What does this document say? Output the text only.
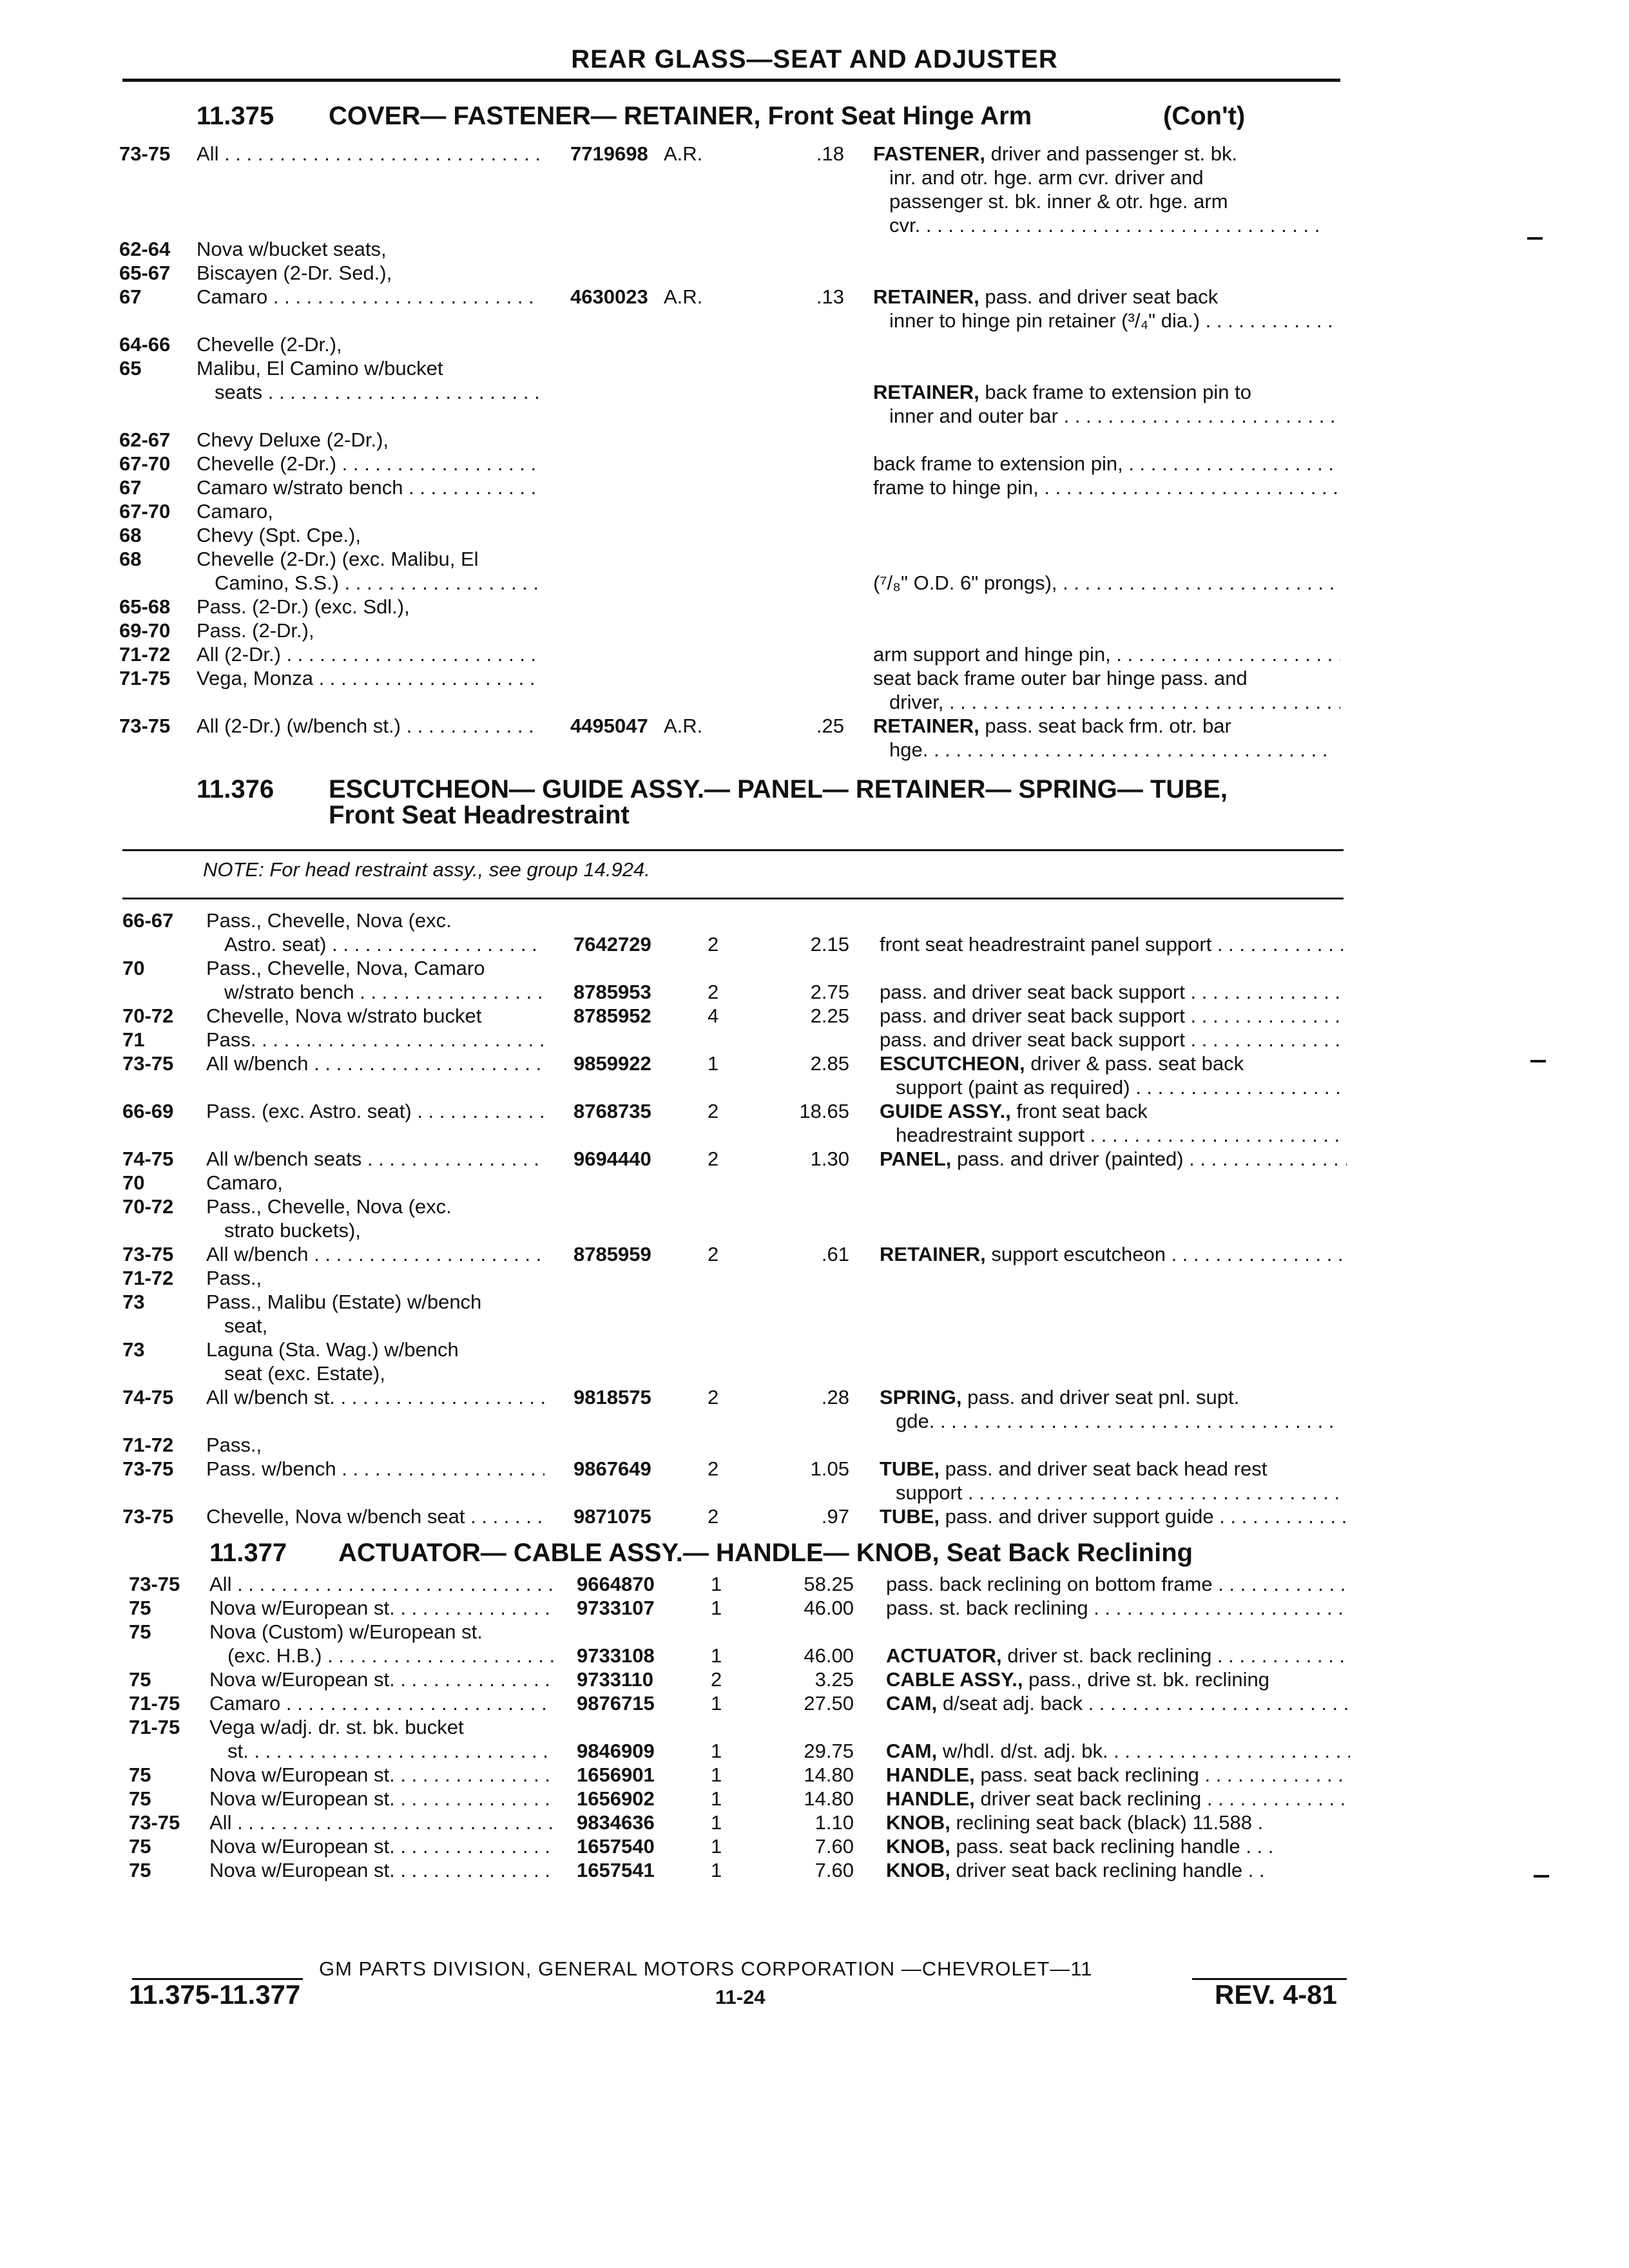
REAR GLASS—SEAT AND ADJUSTER
11.375 COVER— FASTENER— RETAINER, Front Seat Hinge Arm	(Con't)
73-75 All . . .	7719698 A.R.	.18 FASTENER, driver and passenger st. bk.
inr. and otr. hge. arm cvr. driver and
passenger st. bk. inner & otr. hge. arm
cvr. . . .
62-64 Nova w/bucket seats,
65-67 Biscayen (2-Dr. Sed.),
67	Camaro . . .	4630023 A.R.	.13 RETAINER, pass. and driver seat back
inner to hinge pin retainer (³/₄" dia.) . . .
64-66 Chevelle (2-Dr.),
65	Malibu, El Camino w/bucket
seats . . .	RETAINER, back frame to extension pin to
inner and outer bar . . .
62-67 Chevy Deluxe (2-Dr.),
67-70 Chevelle (2-Dr.) . . .	back frame to extension pin, . . .
67	Camaro w/strato bench . . .	frame to hinge pin, . . .
67-70 Camaro,
68	Chevy (Spt. Cpe.),
68	Chevelle (2-Dr.) (exc. Malibu, El
Camino, S.S.) . . .	(⁷/₈" O.D. 6" prongs), . . .
65-68 Pass. (2-Dr.) (exc. Sdl.),
69-70 Pass. (2-Dr.),
71-72 All (2-Dr.) . . .	arm support and hinge pin, . . .
71-75 Vega, Monza . . .	seat back frame outer bar hinge pass. and
driver, . . .
73-75 All (2-Dr.) (w/bench st.) . . .	4495047 A.R.	.25 RETAINER, pass. seat back frm. otr. bar
hge. . . .
11.376 ESCUTCHEON— GUIDE ASSY.— PANEL— RETAINER— SPRING— TUBE,
Front Seat Headrestraint
NOTE: For head restraint assy., see group 14.924.
66-67 Pass., Chevelle, Nova (exc.
Astro. seat) . . .	7642729	2	2.15 front seat headrestraint panel support . . .
70	Pass., Chevelle, Nova, Camaro
w/strato bench . . .	8785953	2	2.75 pass. and driver seat back support . . .
70-72 Chevelle, Nova w/strato bucket	8785952	4	2.25 pass. and driver seat back support . . .
71	Pass. . . .	pass. and driver seat back support . . .
73-75 All w/bench . . .	9859922	1	2.85 ESCUTCHEON, driver & pass. seat back
support (paint as required) . . .
66-69 Pass. (exc. Astro. seat) . . .	8768735	2	18.65 GUIDE ASSY., front seat back
headrestraint support . . .
74-75 All w/bench seats . . .	9694440	2	1.30 PANEL, pass. and driver (painted) . . .
70	Camaro,
70-72 Pass., Chevelle, Nova (exc.
strato buckets),
73-75 All w/bench . . .	8785959	2	.61 RETAINER, support escutcheon . . .
71-72 Pass.,
73	Pass., Malibu (Estate) w/bench
seat,
73	Laguna (Sta. Wag.) w/bench
seat (exc. Estate),
74-75 All w/bench st. . . .	9818575	2	.28 SPRING, pass. and driver seat pnl. supt.
gde. . . .
71-72 Pass.,
73-75 Pass. w/bench . . .	9867649	2	1.05 TUBE, pass. and driver seat back head rest
support . . .
73-75 Chevelle, Nova w/bench seat . . .	9871075	2	.97 TUBE, pass. and driver support guide . . .
11.377 ACTUATOR— CABLE ASSY.— HANDLE— KNOB, Seat Back Reclining
73-75 All . . .	9664870	1	58.25 pass. back reclining on bottom frame . . .
75	Nova w/European st. . . .	9733107	1	46.00 pass. st. back reclining . . .
75	Nova (Custom) w/European st.
(exc. H.B.) . . .	9733108	1	46.00 ACTUATOR, driver st. back reclining . . .
75	Nova w/European st. . . .	9733110	2	3.25 CABLE ASSY., pass., drive st. bk. reclining
71-75 Camaro . . .	9876715	1	27.50 CAM, d/seat adj. back . . .
71-75 Vega w/adj. dr. st. bk. bucket
st. . . .	9846909	1	29.75 CAM, w/hdl. d/st. adj. bk. . . .
75	Nova w/European st. . . .	1656901	1	14.80 HANDLE, pass. seat back reclining . . .
75	Nova w/European st. . . .	1656902	1	14.80 HANDLE, driver seat back reclining . . .
73-75 All . . .	9834636	1	1.10 KNOB, reclining seat back (black) 11.588 .
75	Nova w/European st. . . .	1657540	1	7.60 KNOB, pass. seat back reclining handle . . .
75	Nova w/European st. . . .	1657541	1	7.60 KNOB, driver seat back reclining handle . .
GM PARTS DIVISION, GENERAL MOTORS CORPORATION —CHEVROLET—11
11.375-11.377	11-24	REV. 4-81
